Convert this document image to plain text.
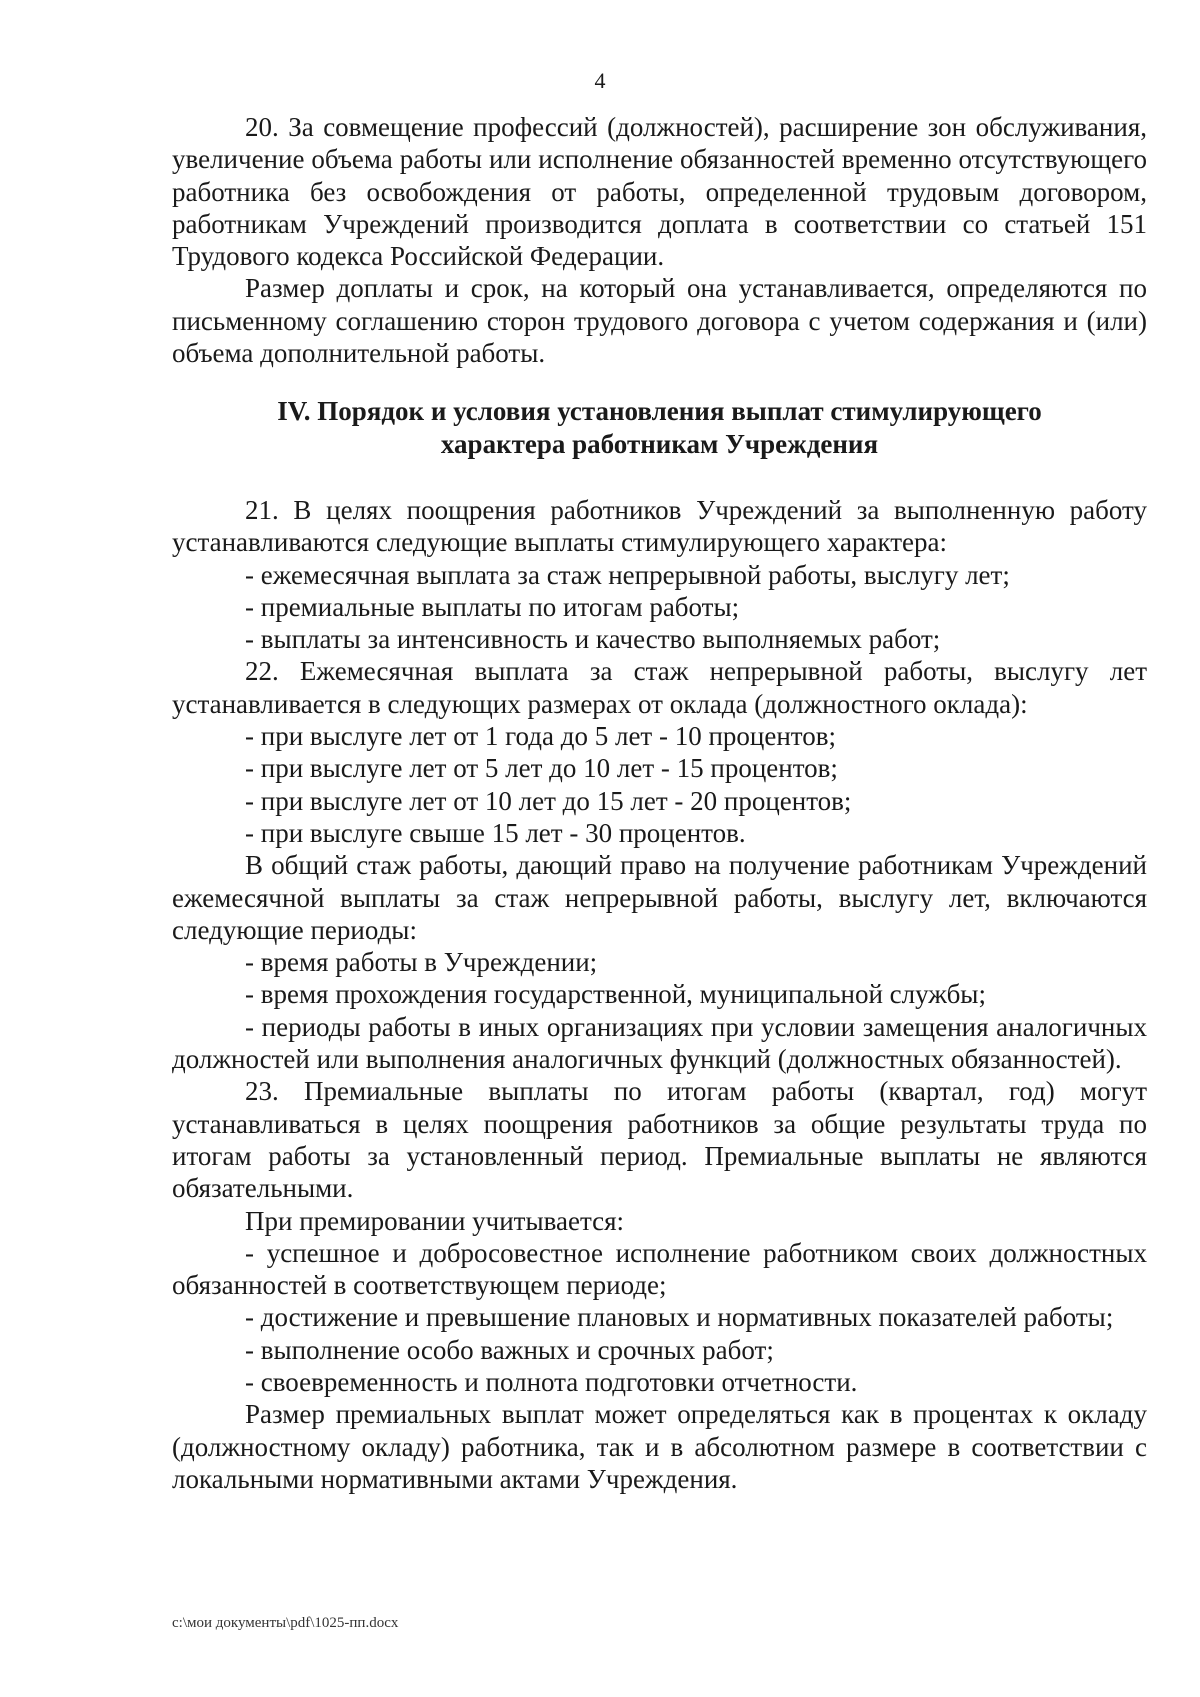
4

20. За совмещение профессий (должностей), расширение зон обслуживания, увеличение объема работы или исполнение обязанностей временно отсутствующего работника без освобождения от работы, определенной трудовым договором, работникам Учреждений производится доплата в соответствии со статьей 151 Трудового кодекса Российской Федерации.

Размер доплаты и срок, на который она устанавливается, определяются по письменному соглашению сторон трудового договора с учетом содержания и (или) объема дополнительной работы.

IV. Порядок и условия установления выплат стимулирующего
характера работникам Учреждения

21. В целях поощрения работников Учреждений за выполненную работу устанавливаются следующие выплаты стимулирующего характера:

- ежемесячная выплата за стаж непрерывной работы, выслугу лет;

- премиальные выплаты по итогам работы;

- выплаты за интенсивность и качество выполняемых работ;

22. Ежемесячная выплата за стаж непрерывной работы, выслугу лет устанавливается в следующих размерах от оклада (должностного оклада):

- при выслуге лет от 1 года до 5 лет - 10 процентов;

- при выслуге лет от 5 лет до 10 лет - 15 процентов;

- при выслуге лет от 10 лет до 15 лет - 20 процентов;

- при выслуге свыше 15 лет - 30 процентов.

В общий стаж работы, дающий право на получение работникам Учреждений ежемесячной выплаты за стаж непрерывной работы, выслугу лет, включаются следующие периоды:

- время работы в Учреждении;

- время прохождения государственной, муниципальной службы;

- периоды работы в иных организациях при условии замещения аналогичных должностей или выполнения аналогичных функций (должностных обязанностей).

23. Премиальные выплаты по итогам работы (квартал, год) могут устанавливаться в целях поощрения работников за общие результаты труда по итогам работы за установленный период. Премиальные выплаты не являются обязательными.

При премировании учитывается:

- успешное и добросовестное исполнение работником своих должностных обязанностей в соответствующем периоде;

- достижение и превышение плановых и нормативных показателей работы;

- выполнение особо важных и срочных работ;

- своевременность и полнота подготовки отчетности.

Размер премиальных выплат может определяться как в процентах к окладу (должностному окладу) работника, так и в абсолютном размере в соответствии с локальными нормативными актами Учреждения.

c:\мои документы\pdf\1025-пп.docx
